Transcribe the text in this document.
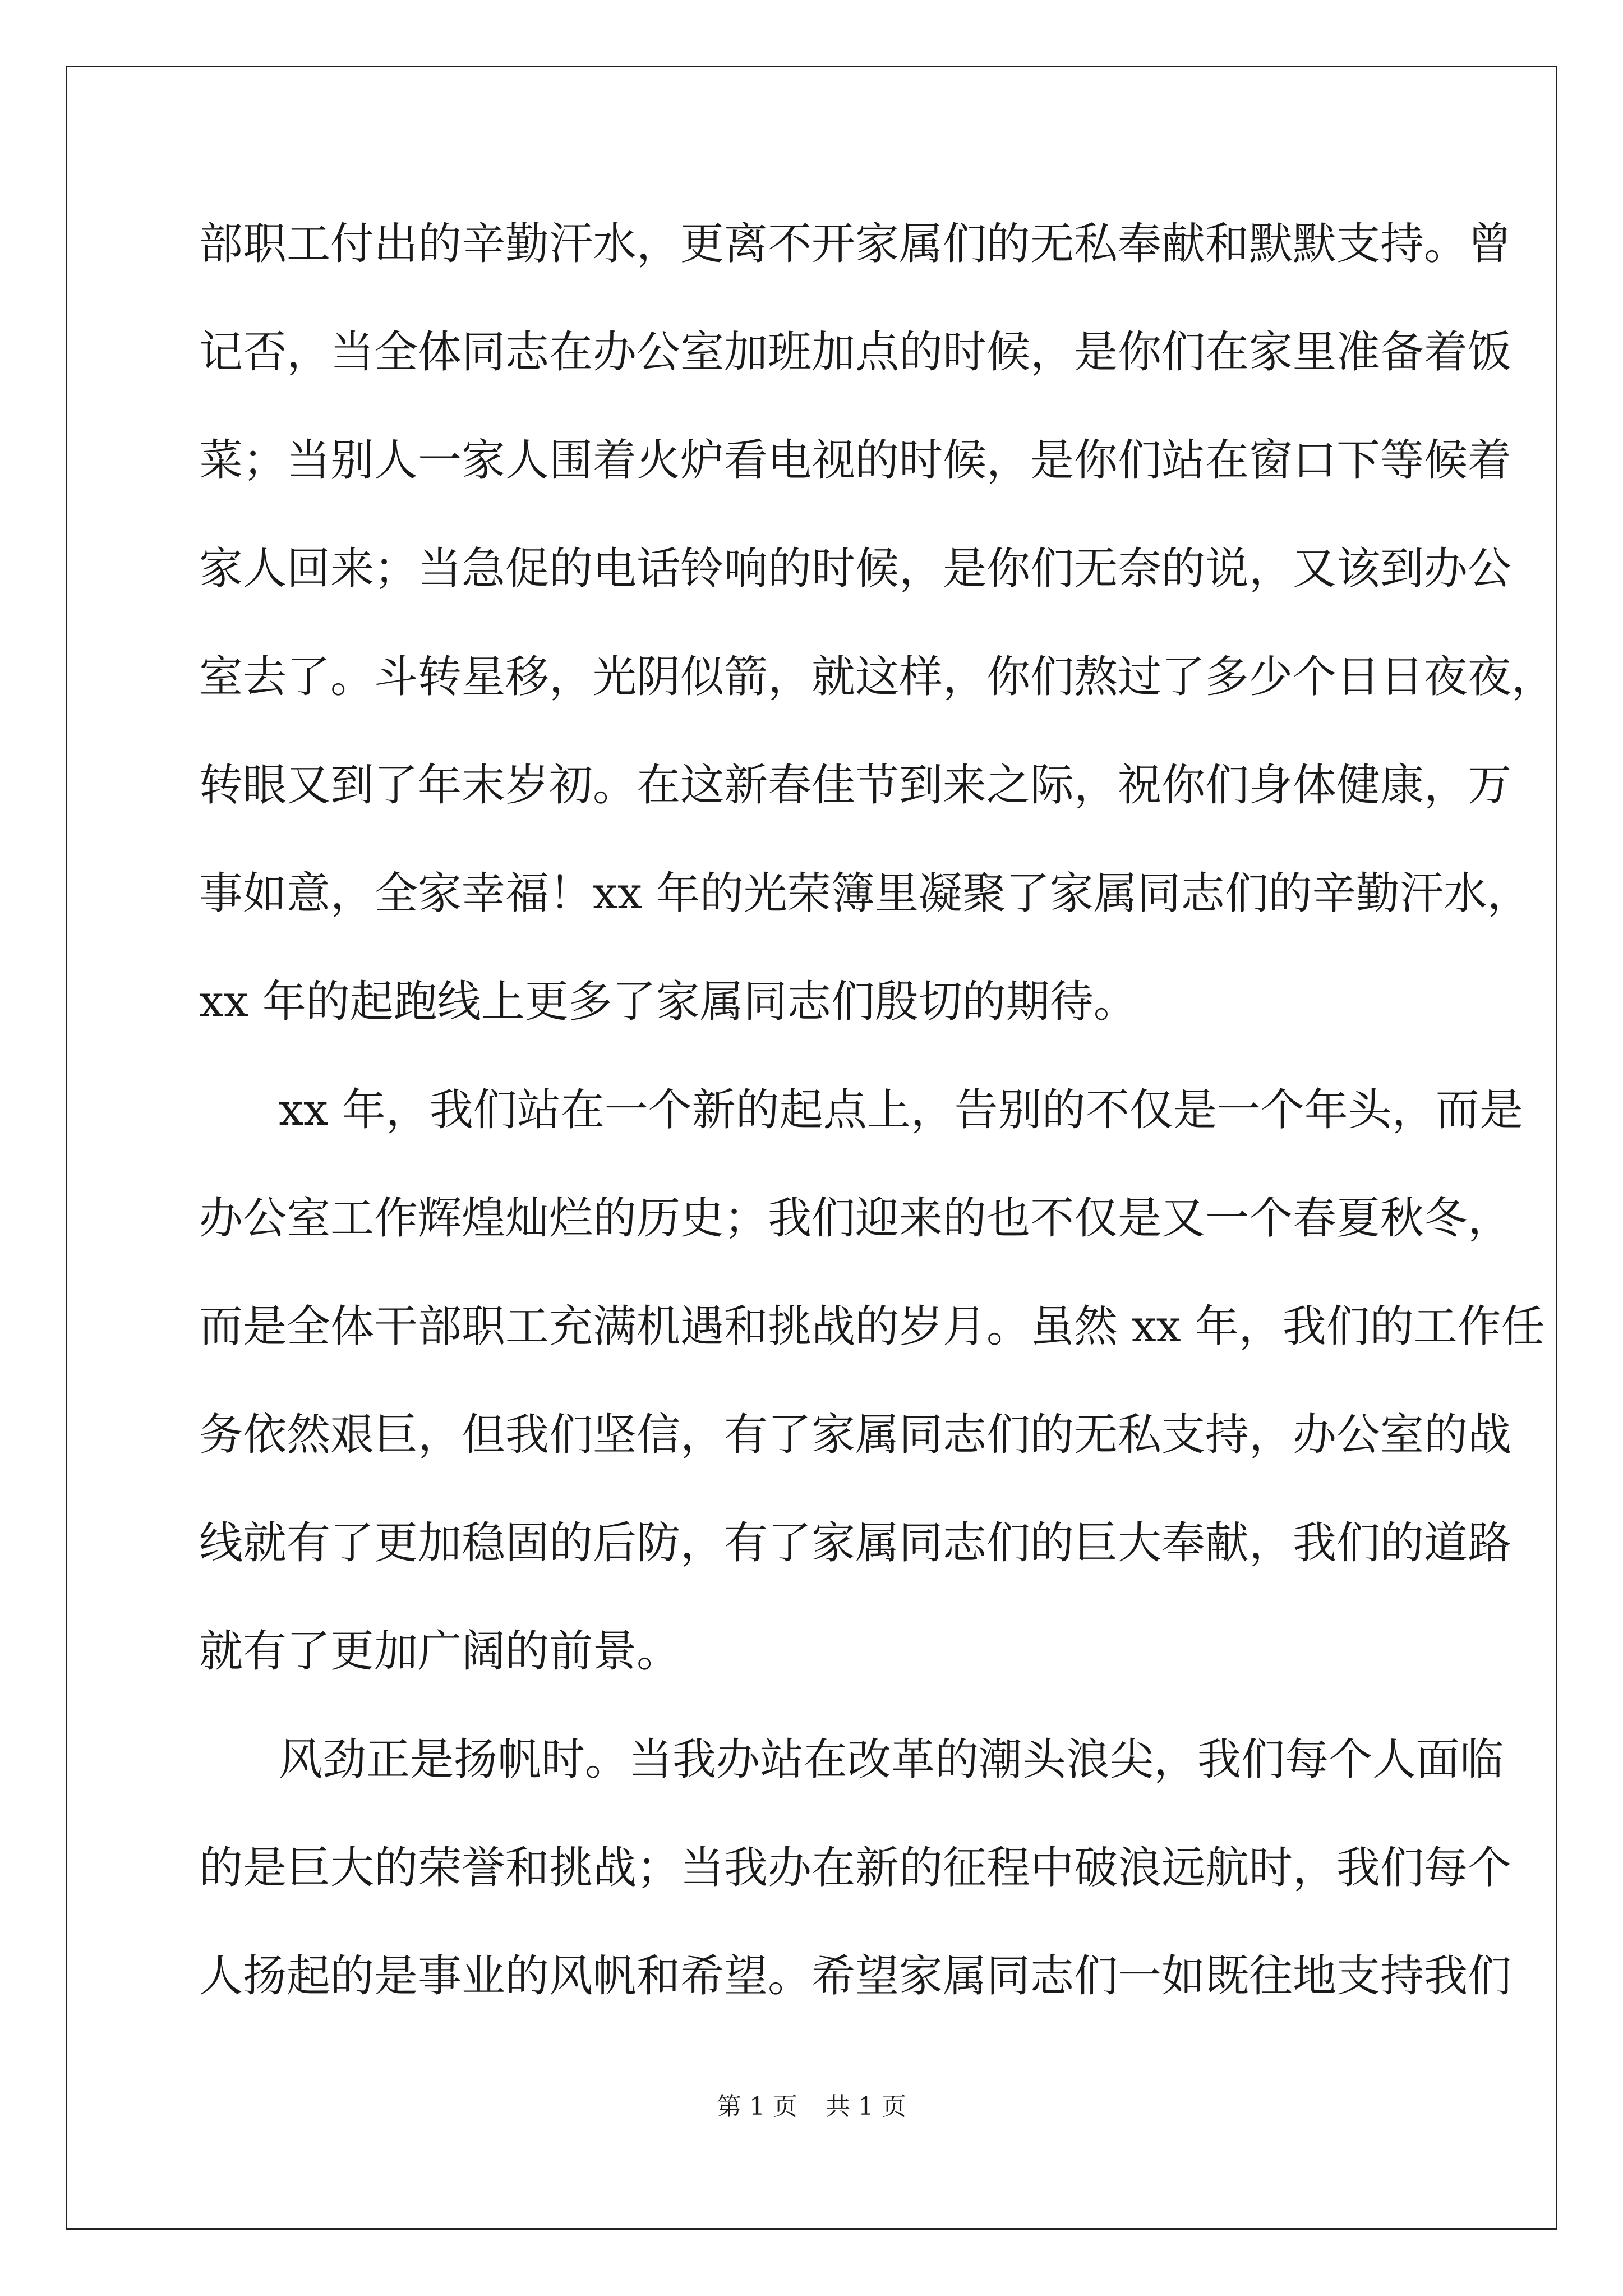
部职工付出的辛勤汗水，更离不开家属们的无私奉献和默默支持。曾
记否，当全体同志在办公室加班加点的时候，是你们在家里准备着饭
菜；当别人一家人围着火炉看电视的时候，是你们站在窗口下等候着
家人回来；当急促的电话铃响的时候，是你们无奈的说，又该到办公
室去了。斗转星移，光阴似箭，就这样，你们熬过了多少个日日夜夜，
转眼又到了年末岁初。在这新春佳节到来之际，祝你们身体健康，万
事如意，全家幸福！xx 年的光荣簿里凝聚了家属同志们的辛勤汗水，
xx 年的起跑线上更多了家属同志们殷切的期待。
xx 年，我们站在一个新的起点上，告别的不仅是一个年头，而是
办公室工作辉煌灿烂的历史；我们迎来的也不仅是又一个春夏秋冬，
而是全体干部职工充满机遇和挑战的岁月。虽然 xx 年，我们的工作任
务依然艰巨，但我们坚信，有了家属同志们的无私支持，办公室的战
线就有了更加稳固的后防，有了家属同志们的巨大奉献，我们的道路
就有了更加广阔的前景。
风劲正是扬帆时。当我办站在改革的潮头浪尖，我们每个人面临
的是巨大的荣誉和挑战；当我办在新的征程中破浪远航时，我们每个
人扬起的是事业的风帆和希望。希望家属同志们一如既往地支持我们
第 1 页 共 1 页
